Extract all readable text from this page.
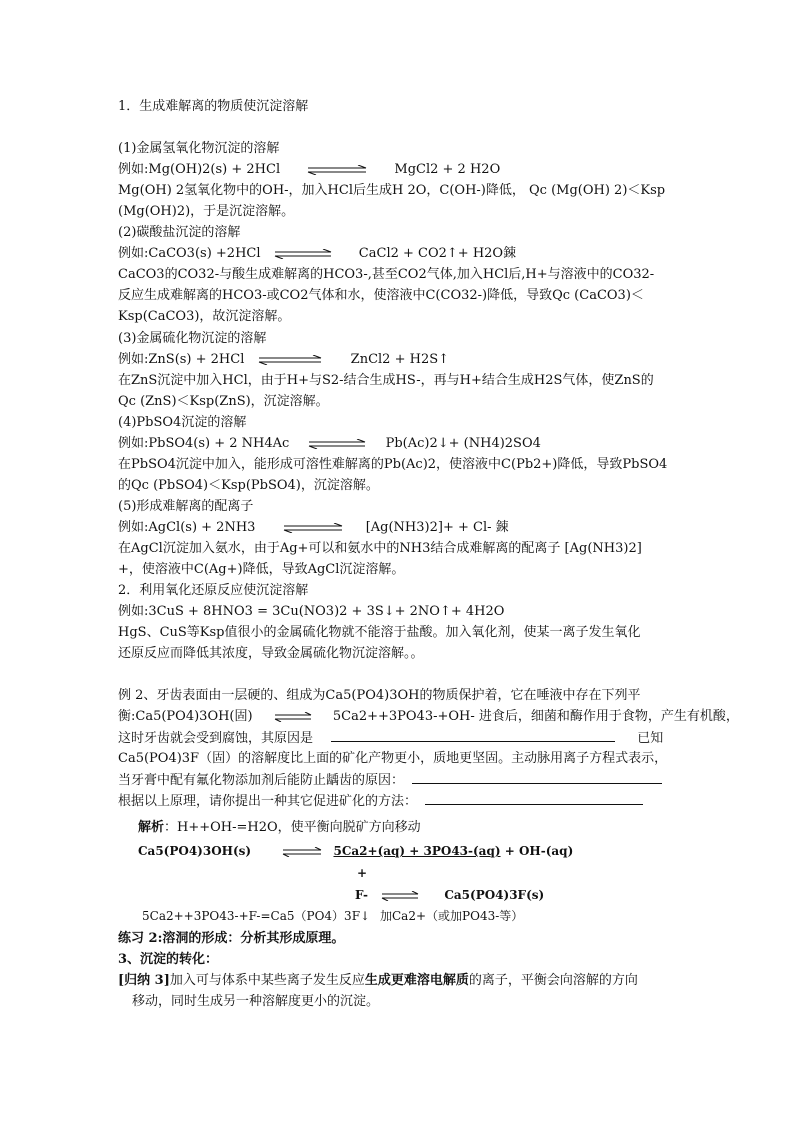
1．生成难解离的物质使沉淀溶解
(1)金属氢氧化物沉淀的溶解
例如:Mg(OH)2(s) + 2HCl	MgCl2 + 2 H2O
Mg(OH) 2氢氧化物中的OH-，加入HCl后生成H 2O，C(OH-)降低， Qc (Mg(OH) 2)＜Ksp
(Mg(OH)2)，于是沉淀溶解。
(2)碳酸盐沉淀的溶解
例如:CaCO3(s) +2HCl	CaCl2 + CO2↑+ H2O鋉
CaCO3的CO32-与酸生成难解离的HCO3-,甚至CO2气体,加入HCl后,H+与溶液中的CO32-
反应生成难解离的HCO3-或CO2气体和水，使溶液中C(CO32-)降低，导致Qc (CaCO3)＜
Ksp(CaCO3)，故沉淀溶解。
(3)金属硫化物沉淀的溶解
例如:ZnS(s) + 2HCl	ZnCl2 + H2S↑
在ZnS沉淀中加入HCl，由于H+与S2-结合生成HS-，再与H+结合生成H2S气体，使ZnS的
Qc (ZnS)＜Ksp(ZnS)，沉淀溶解。
(4)PbSO4沉淀的溶解
例如:PbSO4(s) + 2 NH4Ac	Pb(Ac)2↓+ (NH4)2SO4
在PbSO4沉淀中加入，能形成可溶性难解离的Pb(Ac)2，使溶液中C(Pb2+)降低，导致PbSO4
的Qc (PbSO4)＜Ksp(PbSO4)，沉淀溶解。
(5)形成难解离的配离子
例如:AgCl(s) + 2NH3	[Ag(NH3)2]+ + Cl- 鋉
在AgCl沉淀加入氨水，由于Ag+可以和氨水中的NH3结合成难解离的配离子 [Ag(NH3)2]
+，使溶液中C(Ag+)降低，导致AgCl沉淀溶解。
2．利用氧化还原反应使沉淀溶解
例如:3CuS + 8HNO3 = 3Cu(NO3)2 + 3S↓+ 2NO↑+ 4H2O
HgS、CuS等Ksp值很小的金属硫化物就不能溶于盐酸。加入氧化剂，使某一离子发生氧化
还原反应而降低其浓度，导致金属硫化物沉淀溶解。。
例 2、牙齿表面由一层硬的、组成为Ca5(PO4)3OH的物质保护着，它在唾液中存在下列平
衡:Ca5(PO4)3OH(固)	5Ca2++3PO43-+OH- 进食后，细菌和酶作用于食物，产生有机酸，
这时牙齿就会受到腐蚀，其原因是	已知
Ca5(PO4)3F（固）的溶解度比上面的矿化产物更小，质地更坚固。主动脉用离子方程式表示，
当牙膏中配有氟化物添加剂后能防止龋齿的原因：
根据以上原理，请你提出一种其它促进矿化的方法：
解析：H++OH-=H2O，使平衡向脱矿方向移动
Ca5(PO4)3OH(s)	⇌ 5Ca2+(aq) + 3PO43-(aq) + OH-(aq)
+
F- ⇌ Ca5(PO4)3F(s)
5Ca2++3PO43-+F-=Ca5（PO4）3F↓ 加Ca2+（或加PO43-等）
练习 2:溶洞的形成：分析其形成原理。
3、沉淀的转化：
[归纳 3]加入可与体系中某些离子发生反应生成更难溶电解质的离子，平衡会向溶解的方向
移动，同时生成另一种溶解度更小的沉淀。
